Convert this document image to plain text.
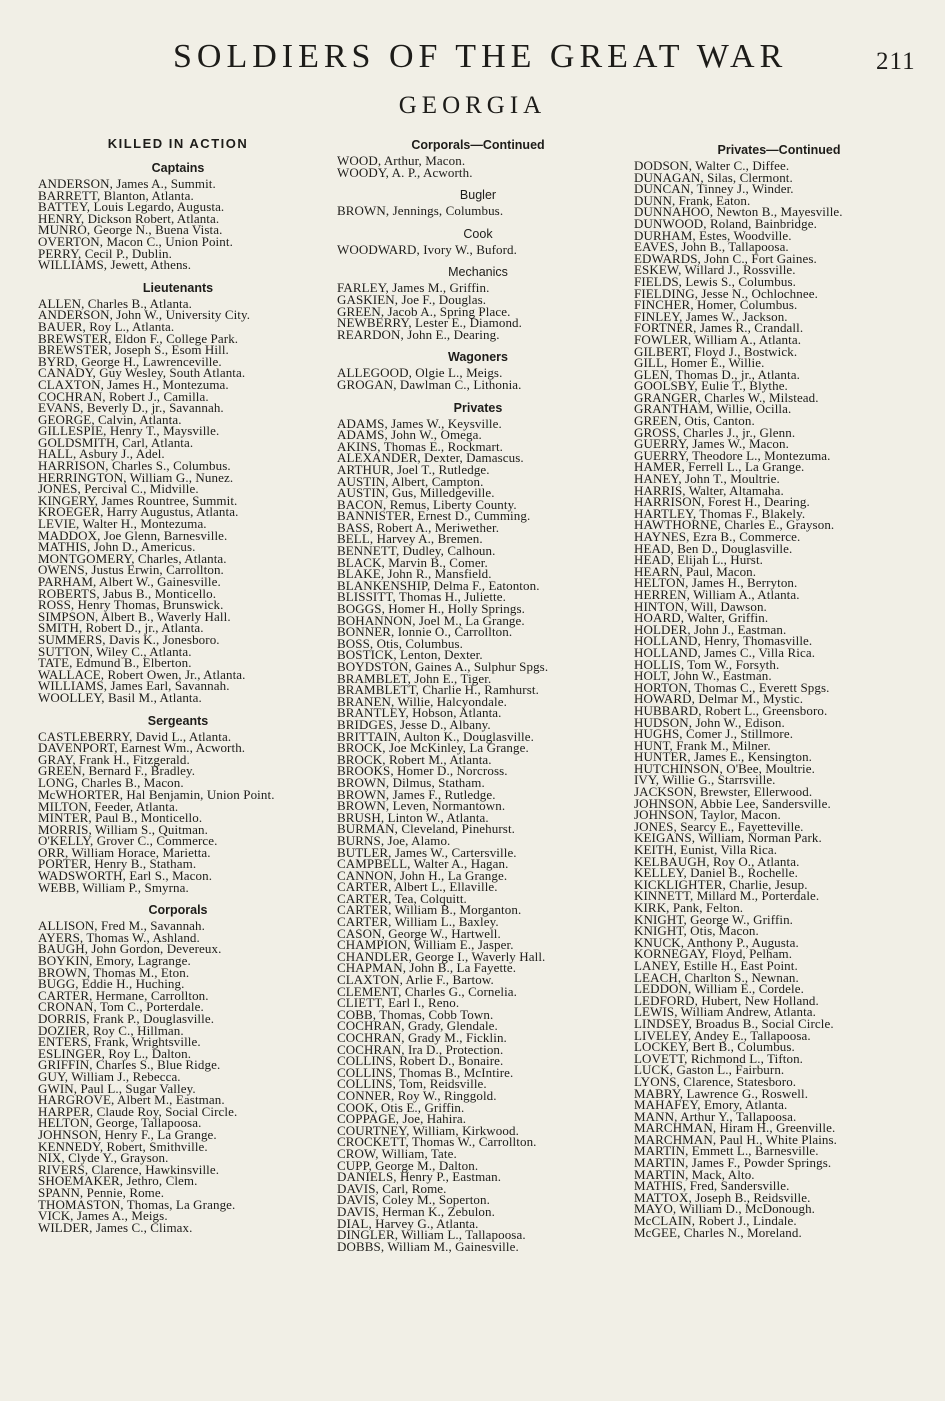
SOLDIERS OF THE GREAT WAR	211
GEORGIA
KILLED IN ACTION
Captains
ANDERSON, James A., Summit.
BARRETT, Blanton, Atlanta.
BATTEY, Louis Legardo, Augusta.
HENRY, Dickson Robert, Atlanta.
MUNRO, George N., Buena Vista.
OVERTON, Macon C., Union Point.
PERRY, Cecil P., Dublin.
WILLIAMS, Jewett, Athens.
Lieutenants
ALLEN, Charles B., Atlanta.
ANDERSON, John W., University City.
BAUER, Roy L., Atlanta.
BREWSTER, Eldon F., College Park.
BREWSTER, Joseph S., Esom Hill.
BYRD, George H., Lawrenceville.
CANADY, Guy Wesley, South Atlanta.
CLAXTON, James H., Montezuma.
COCHRAN, Robert J., Camilla.
EVANS, Beverly D., jr., Savannah.
GEORGE, Calvin, Atlanta.
GILLESPIE, Henry T., Maysville.
GOLDSMITH, Carl, Atlanta.
HALL, Asbury J., Adel.
HARRISON, Charles S., Columbus.
HERRINGTON, William G., Nunez.
JONES, Percival C., Midville.
KINGERY, James Rountree, Summit.
KROEGER, Harry Augustus, Atlanta.
LEVIE, Walter H., Montezuma.
MADDOX, Joe Glenn, Barnesville.
MATHIS, John D., Americus.
MONTGOMERY, Charles, Atlanta.
OWENS, Justus Erwin, Carrollton.
PARHAM, Albert W., Gainesville.
ROBERTS, Jabus B., Monticello.
ROSS, Henry Thomas, Brunswick.
SIMPSON, Albert B., Waverly Hall.
SMITH, Robert D., jr., Atlanta.
SUMMERS, Davis K., Jonesboro.
SUTTON, Wiley C., Atlanta.
TATE, Edmund B., Elberton.
WALLACE, Robert Owen, Jr., Atlanta.
WILLIAMS, James Earl, Savannah.
WOOLLEY, Basil M., Atlanta.
Sergeants
CASTLEBERRY, David L., Atlanta.
DAVENPORT, Earnest Wm., Acworth.
GRAY, Frank H., Fitzgerald.
GREEN, Bernard F., Bradley.
LONG, Charles B., Macon.
McWHORTER, Hal Benjamin, Union Point.
MILTON, Feeder, Atlanta.
MINTER, Paul B., Monticello.
MORRIS, William S., Quitman.
O'KELLY, Grover C., Commerce.
ORR, William Horace, Marietta.
PORTER, Henry B., Statham.
WADSWORTH, Earl S., Macon.
WEBB, William P., Smyrna.
Corporals
ALLISON, Fred M., Savannah.
AYERS, Thomas W., Ashland.
BAUGH, John Gordon, Devereux.
BOYKIN, Emory, Lagrange.
BROWN, Thomas M., Eton.
BUGG, Eddie H., Huching.
CARTER, Hermane, Carrollton.
CRONAN, Tom C., Porterdale.
DORRIS, Frank P., Douglasville.
DOZIER, Roy C., Hillman.
ENTERS, Frank, Wrightsville.
ESLINGER, Roy L., Dalton.
GRIFFIN, Charles S., Blue Ridge.
GUY, William J., Rebecca.
GWIN, Paul L., Sugar Valley.
HARGROVE, Albert M., Eastman.
HARPER, Claude Roy, Social Circle.
HELTON, George, Tallapoosa.
JOHNSON, Henry F., La Grange.
KENNEDY, Robert, Smithville.
NIX, Clyde Y., Grayson.
RIVERS, Clarence, Hawkinsville.
SHOEMAKER, Jethro, Clem.
SPANN, Pennie, Rome.
THOMASTON, Thomas, La Grange.
VICK, James A., Meigs.
WILDER, James C., Climax.
Corporals—Continued
WOOD, Arthur, Macon.
WOODY, A. P., Acworth.
Bugler
BROWN, Jennings, Columbus.
Cook
WOODWARD, Ivory W., Buford.
Mechanics
FARLEY, James M., Griffin.
GASKIEN, Joe F., Douglas.
GREEN, Jacob A., Spring Place.
NEWBERRY, Lester E., Diamond.
REARDON, John E., Dearing.
Wagoners
ALLEGOOD, Olgie L., Meigs.
GROGAN, Dawlman C., Lithonia.
Privates
ADAMS, James W., Keysville.
ADAMS, John W., Omega.
AKINS, Thomas E., Rockmart.
ALEXANDER, Dexter, Damascus.
ARTHUR, Joel T., Rutledge.
AUSTIN, Albert, Campton.
AUSTIN, Gus, Milledgeville.
BACON, Remus, Liberty County.
BANNISTER, Ernest D., Cumming.
BASS, Robert A., Meriwether.
BELL, Harvey A., Bremen.
BENNETT, Dudley, Calhoun.
BLACK, Marvin B., Comer.
BLAKE, John R., Mansfield.
BLANKENSHIP, Delma F., Eatonton.
BLISSITT, Thomas H., Juliette.
BOGGS, Homer H., Holly Springs.
BOHANNON, Joel M., La Grange.
BONNER, Ionnie O., Carrollton.
BOSS, Otis, Columbus.
BOSTICK, Lenton, Dexter.
BOYDSTON, Gaines A., Sulphur Spgs.
BRAMBLET, John E., Tiger.
BRAMBLETT, Charlie H., Ramhurst.
BRANEN, Willie, Halcyondale.
BRANTLEY, Hobson, Atlanta.
BRIDGES, Jesse D., Albany.
BRITTAIN, Aulton K., Douglasville.
BROCK, Joe McKinley, La Grange.
BROCK, Robert M., Atlanta.
BROOKS, Homer D., Norcross.
BROWN, Dilmus, Statham.
BROWN, James F., Rutledge.
BROWN, Leven, Normantown.
BRUSH, Linton W., Atlanta.
BURMAN, Cleveland, Pinehurst.
BURNS, Joe, Alamo.
BUTLER, James W., Cartersville.
CAMPBELL, Walter A., Hagan.
CANNON, John H., La Grange.
CARTER, Albert L., Ellaville.
CARTER, Tea, Colquitt.
CARTER, William B., Morganton.
CARTER, William L., Baxley.
CASON, George W., Hartwell.
CHAMPION, William E., Jasper.
CHANDLER, George I., Waverly Hall.
CHAPMAN, John B., La Fayette.
CLAXTON, Arlie F., Bartow.
CLEMENT, Charles G., Cornelia.
CLIETT, Earl I., Reno.
COBB, Thomas, Cobb Town.
COCHRAN, Grady, Glendale.
COCHRAN, Grady M., Ficklin.
COCHRAN, Ira D., Protection.
COLLINS, Robert D., Bonaire.
COLLINS, Thomas B., McIntire.
COLLINS, Tom, Reidsville.
CONNER, Roy W., Ringgold.
COOK, Otis E., Griffin.
COPPAGE, Joe, Hahira.
COURTNEY, William, Kirkwood.
CROCKETT, Thomas W., Carrollton.
CROW, William, Tate.
CUPP, George M., Dalton.
DANIELS, Henry P., Eastman.
DAVIS, Carl, Rome.
DAVIS, Coley M., Soperton.
DAVIS, Herman K., Zebulon.
DIAL, Harvey G., Atlanta.
DINGLER, William L., Tallapoosa.
DOBBS, William M., Gainesville.
Privates—Continued
DODSON, Walter C., Diffee.
DUNAGAN, Silas, Clermont.
DUNCAN, Tinney J., Winder.
DUNN, Frank, Eaton.
DUNNAHOO, Newton B., Mayesville.
DUNWOOD, Roland, Bainbridge.
DURHAM, Estes, Woodville.
EAVES, John B., Tallapoosa.
EDWARDS, John C., Fort Gaines.
ESKEW, Willard J., Rossville.
FIELDS, Lewis S., Columbus.
FIELDING, Jesse N., Ochlochnee.
FINCHER, Homer, Columbus.
FINLEY, James W., Jackson.
FORTNER, James R., Crandall.
FOWLER, William A., Atlanta.
GILBERT, Floyd J., Bostwick.
GILL, Homer E., Willie.
GLEN, Thomas D., jr., Atlanta.
GOOLSBY, Eulie T., Blythe.
GRANGER, Charles W., Milstead.
GRANTHAM, Willie, Ocilla.
GREEN, Otis, Canton.
GROSS, Charles J., jr., Glenn.
GUERRY, James W., Macon.
GUERRY, Theodore L., Montezuma.
HAMER, Ferrell L., La Grange.
HANEY, John T., Moultrie.
HARRIS, Walter, Altamaha.
HARRISON, Forest H., Dearing.
HARTLEY, Thomas F., Blakely.
HAWTHORNE, Charles E., Grayson.
HAYNES, Ezra B., Commerce.
HEAD, Ben D., Douglasville.
HEAD, Elijah L., Hurst.
HEARN, Paul, Macon.
HELTON, James H., Berryton.
HERREN, William A., Atlanta.
HINTON, Will, Dawson.
HOARD, Walter, Griffin.
HOLDER, John J., Eastman.
HOLLAND, Henry, Thomasville.
HOLLAND, James C., Villa Rica.
HOLLIS, Tom W., Forsyth.
HOLT, John W., Eastman.
HORTON, Thomas C., Everett Spgs.
HOWARD, Delmar M., Mystic.
HUBBARD, Robert L., Greensboro.
HUDSON, John W., Edison.
HUGHS, Comer J., Stillmore.
HUNT, Frank M., Milner.
HUNTER, James E., Kensington.
HUTCHINSON, O'Bee, Moultrie.
IVY, Willie G., Starrsville.
JACKSON, Brewster, Ellerwood.
JOHNSON, Abbie Lee, Sandersville.
JOHNSON, Taylor, Macon.
JONES, Searcy E., Fayetteville.
KEIGANS, William, Norman Park.
KEITH, Eunist, Villa Rica.
KELBAUGH, Roy O., Atlanta.
KELLEY, Daniel B., Rochelle.
KICKLIGHTER, Charlie, Jesup.
KINNETT, Millard M., Porterdale.
KIRK, Pank, Felton.
KNIGHT, George W., Griffin.
KNIGHT, Otis, Macon.
KNUCK, Anthony P., Augusta.
KORNEGAY, Floyd, Pelham.
LANEY, Estille H., East Point.
LEACH, Charlton S., Newnan.
LEDDON, William E., Cordele.
LEDFORD, Hubert, New Holland.
LEWIS, William Andrew, Atlanta.
LINDSEY, Broadus B., Social Circle.
LIVELEY, Andey E., Tallapoosa.
LOCKEY, Bert B., Columbus.
LOVETT, Richmond L., Tifton.
LUCK, Gaston L., Fairburn.
LYONS, Clarence, Statesboro.
MABRY, Lawrence G., Roswell.
MAHAFEY, Emory, Atlanta.
MANN, Arthur Y., Tallapoosa.
MARCHMAN, Hiram H., Greenville.
MARCHMAN, Paul H., White Plains.
MARTIN, Emmett L., Barnesville.
MARTIN, James F., Powder Springs.
MARTIN, Mack, Alto.
MATHIS, Fred, Sandersville.
MATTOX, Joseph B., Reidsville.
MAYO, William D., McDonough.
McCLAIN, Robert J., Lindale.
McGEE, Charles N., Moreland.
